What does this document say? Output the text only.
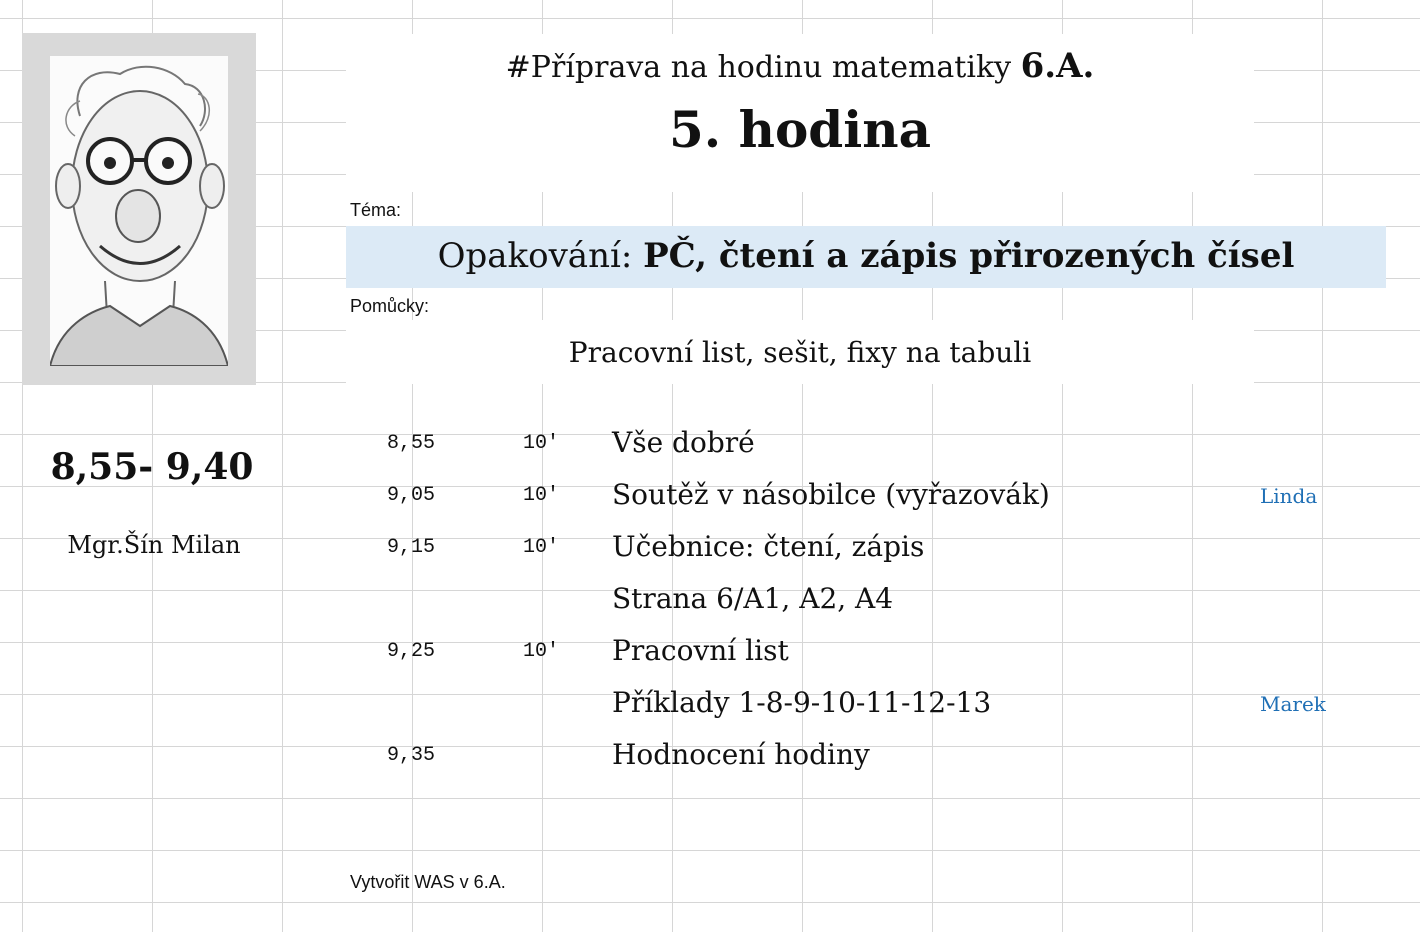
#Příprava na hodinu matematiky 6.A.
5. hodina
Téma:
Opakování: PČ, čtení a zápis přirozených čísel
Pomůcky:
Pracovní list, sešit, fixy na tabuli
8,55- 9,40
Mgr.Šín Milan
8,55	10'	Vše dobré
9,05	10'	Soutěž v násobilce (vyřazovák)	Linda
9,15	10'	Učebnice: čtení, zápis
Strana 6/A1, A2, A4
9,25	10'	Pracovní list
Příklady 1-8-9-10-11-12-13	Marek
9,35	Hodnocení hodiny
Vytvořit WAS v 6.A.
